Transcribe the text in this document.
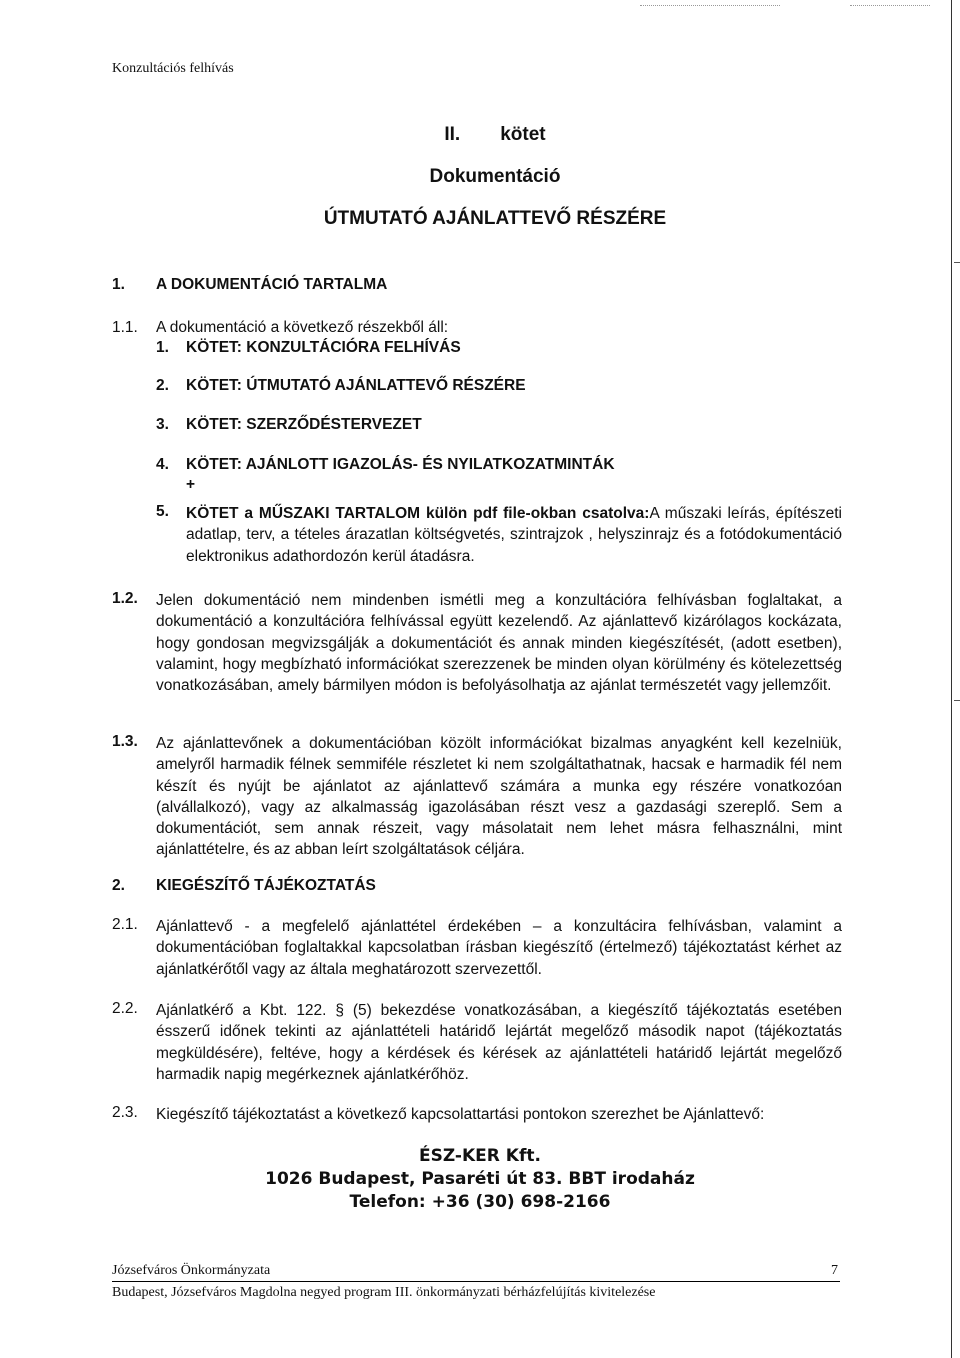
Konzultációs felhívás
II. kötet
Dokumentáció
ÚTMUTATÓ AJÁNLATTEVŐ RÉSZÉRE
1. A DOKUMENTÁCIÓ TARTALMA
1.1. A dokumentáció a következő részekből áll:
1. KÖTET: KONZULTÁCIÓRA FELHÍVÁS
2. KÖTET: ÚTMUTATÓ AJÁNLATTEVŐ RÉSZÉRE
3. KÖTET: SZERZŐDÉSTERVEZET
4. KÖTET: AJÁNLOTT IGAZOLÁS- ÉS NYILATKOZATMINTÁK
+
5. KÖTET a MŰSZAKI TARTALOM külön pdf file-okban csatolva:A műszaki leírás, építészeti adatlap, terv, a tételes árazatlan költségvetés, szintrajzok , helyszinrajz és a fotódokumentáció elektronikus adathordozón kerül átadásra.
1.2. Jelen dokumentáció nem mindenben ismétli meg a konzultációra felhívásban foglaltakat, a dokumentáció a konzultációra felhívással együtt kezelendő. Az ajánlattevő kizárólagos kockázata, hogy gondosan megvizsgálják a dokumentációt és annak minden kiegészítését, (adott esetben), valamint, hogy megbízható információkat szerezzenek be minden olyan körülmény és kötelezettség vonatkozásában, amely bármilyen módon is befolyásolhatja az ajánlat természetét vagy jellemzőit.
1.3. Az ajánlattevőnek a dokumentációban közölt információkat bizalmas anyagként kell kezelniük, amelyről harmadik félnek semmiféle részletet ki nem szolgáltathatnak, hacsak e harmadik fél nem készít és nyújt be ajánlatot az ajánlattevő számára a munka egy részére vonatkozóan (alvállalkozó), vagy az alkalmasság igazolásában részt vesz a gazdasági szereplő. Sem a dokumentációt, sem annak részeit, vagy másolatait nem lehet másra felhasználni, mint ajánlattételre, és az abban leírt szolgáltatások céljára.
2. KIEGÉSZÍTŐ TÁJÉKOZTATÁS
2.1. Ajánlattevő - a megfelelő ajánlattétel érdekében – a konzultácira felhívásban, valamint a dokumentációban foglaltakkal kapcsolatban írásban kiegészítő (értelmező) tájékoztatást kérhet az ajánlatkérőtől vagy az általa meghatározott szervezettől.
2.2. Ajánlatkérő a Kbt. 122. § (5) bekezdése vonatkozásában, a kiegészítő tájékoztatás esetében ésszerű időnek tekinti az ajánlattételi határidő lejártát megelőző második napot (tájékoztatás megküldésére), feltéve, hogy a kérdések és kérések az ajánlattételi határidő lejártát megelőző harmadik napig megérkeznek ajánlatkérőhöz.
2.3. Kiegészítő tájékoztatást a következő kapcsolattartási pontokon szerezhet be Ajánlattevő:
ÉSZ-KER Kft.
1026 Budapest, Pasaréti út 83. BBT irodaház
Telefon: +36 (30) 698-2166
Józsefváros Önkormányzata	7
Budapest, Józsefváros Magdolna negyed program III. önkormányzati bérházfelújítás kivitelezése
